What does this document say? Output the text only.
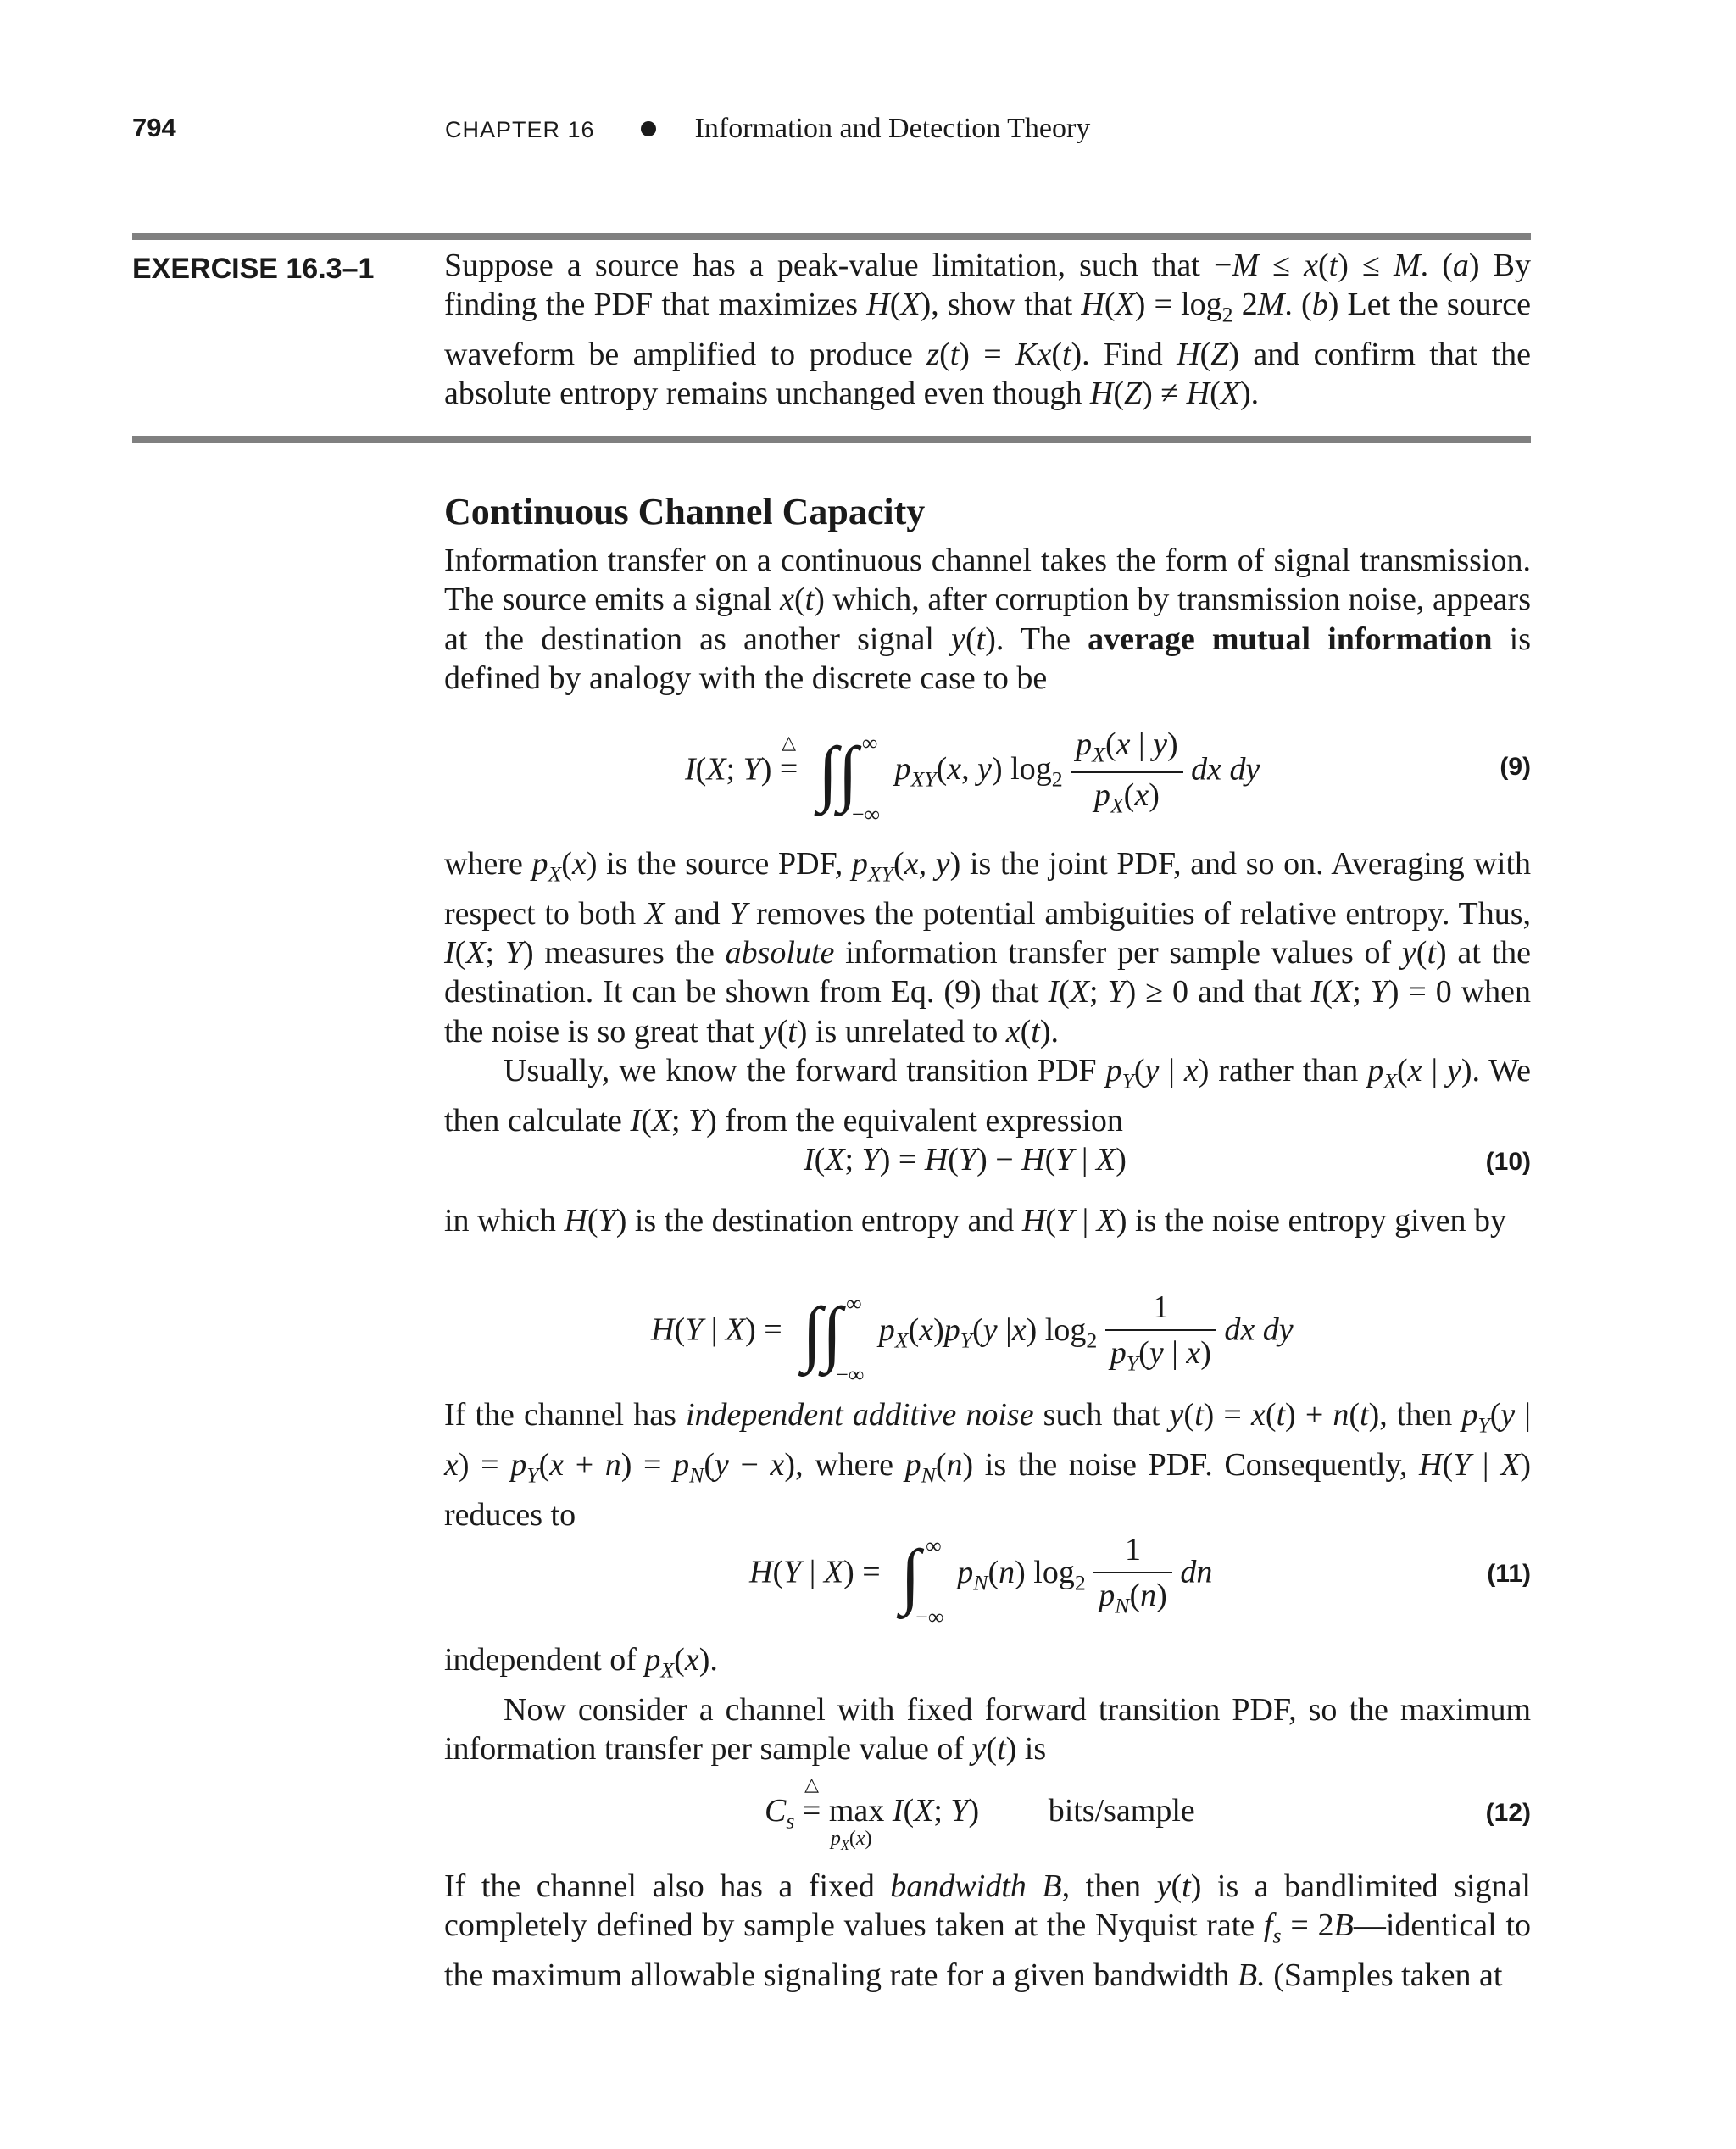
794	CHAPTER 16	Information and Detection Theory
EXERCISE 16.3–1 Suppose a source has a peak-value limitation, such that −M ≤ x(t) ≤ M. (a) By finding the PDF that maximizes H(X), show that $H(X) = \log_2 2M$. (b) Let the source waveform be amplified to produce z(t) = Kx(t). Find H(Z) and confirm that the absolute entropy remains unchanged even though H(Z) ≠ H(X).

Continuous Channel Capacity

Information transfer on a continuous channel takes the form of signal transmission. The source emits a signal x(t) which, after corruption by transmission noise, appears at the destination as another signal y(t). The average mutual information is defined by analogy with the discrete case to be

I(X; Y) =
△ ∫∫ ∞
−∞
$p_{XY}(x$, y) $\log_2 \frac{p_X(x | y)}{p_X(x)}$ dx dy	(9)

where $p_X(x)$ is the source PDF, $p_{XY}(x$, y) is the joint PDF, and so on. Averaging with respect to both X and Y removes the potential ambiguities of relative entropy. Thus, I(X; Y) measures the absolute information transfer per sample values of y(t) at the destination. It can be shown from Eq. (9) that I(X; Y) ≥ 0 and that I(X; Y) = 0 when the noise is so great that y(t) is unrelated to x(t).

Usually, we know the forward transition PDF $p_Y(y$ | x) rather than $p_X(x$ | y). We then calculate I(X; Y) from the equivalent expression

I(X; Y) = H(Y) − H(Y | X)	(10)

in which H(Y) is the destination entropy and H(Y | X) is the noise entropy given by

H(Y | X) = ∫∫ ∞
−∞
$p_X(x)p_Y(y$ |x) $\log_2 \frac{1}{p_Y(y | x)}$ dx dy

If the channel has independent additive noise such that y(t) = x(t) + n(t), then $p_Y(y$ | $x) = p_Y(x + n) = p_N(y - x)$, where $p_N(n)$ is the noise PDF. Consequently, H(Y | X) reduces to

H(Y | X) = ∫ ∞
−∞
$p_N(n)$ $\log_2 \frac{1}{p_N(n)}$ dn	(11)

independent of $p_X(x)$.

Now consider a channel with fixed forward transition PDF, so the maximum information transfer per sample value of y(t) is

$C_s$ =
△
max
$p_X(x)$
I(X; Y) bits/sample	(12)

If the channel also has a fixed bandwidth B, then y(t) is a bandlimited signal completely defined by sample values taken at the Nyquist rate $f_s$ = 2B—identical to the maximum allowable signaling rate for a given bandwidth B. (Samples taken at
